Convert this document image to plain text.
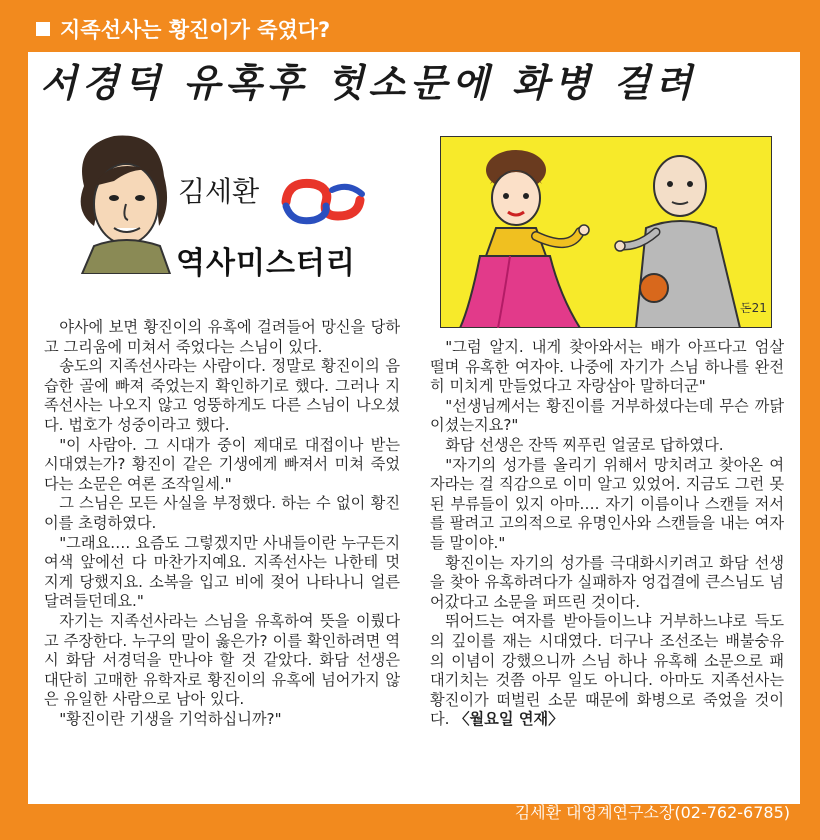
지족선사는 황진이가 죽였다?
서경덕 유혹후 헛소문에 화병 걸려
김세환
역사미스터리
돈21

야사에 보면 황진이의 유혹에 걸려들어 망신을 당하고 그리움에 미쳐서 죽었다는 스님이 있다.

송도의 지족선사라는 사람이다. 정말로 황진이의 음습한 골에 빠져 죽었는지 확인하기로 했다. 그러나 지족선사는 나오지 않고 엉뚱하게도 다른 스님이 나오셨다. 법호가 성중이라고 했다.

"이 사람아. 그 시대가 중이 제대로 대접이나 받는 시대였는가? 황진이 같은 기생에게 빠져서 미쳐 죽었다는 소문은 여론 조작일세."

그 스님은 모든 사실을 부정했다. 하는 수 없이 황진이를 초령하였다.

"그래요…. 요즘도 그렇겠지만 사내들이란 누구든지 여색 앞에선 다 마찬가지예요. 지족선사는 나한테 멋지게 당했지요. 소복을 입고 비에 젖어 나타나니 얼른 달려들던데요."

자기는 지족선사라는 스님을 유혹하여 뜻을 이뤘다고 주장한다. 누구의 말이 옳은가? 이를 확인하려면 역시 화담 서경덕을 만나야 할 것 같았다. 화담 선생은 대단히 고매한 유학자로 황진이의 유혹에 넘어가지 않은 유일한 사람으로 남아 있다.

"황진이란 기생을 기억하십니까?"

"그럼 알지. 내게 찾아와서는 배가 아프다고 엄살 떨며 유혹한 여자야. 나중에 자기가 스님 하나를 완전히 미치게 만들었다고 자랑삼아 말하더군"

"선생님께서는 황진이를 거부하셨다는데 무슨 까닭이셨는지요?"

화담 선생은 잔뜩 찌푸린 얼굴로 답하였다.

"자기의 성가를 올리기 위해서 망치려고 찾아온 여자라는 걸 직감으로 이미 알고 있었어. 지금도 그런 못된 부류들이 있지 아마…. 자기 이름이나 스캔들 저서를 팔려고 고의적으로 유명인사와 스캔들을 내는 여자들 말이야."

황진이는 자기의 성가를 극대화시키려고 화담 선생을 찾아 유혹하려다가 실패하자 엉겁결에 큰스님도 넘어갔다고 소문을 퍼뜨린 것이다.

뛰어드는 여자를 받아들이느냐 거부하느냐로 득도의 깊이를 재는 시대였다. 더구나 조선조는 배불숭유의 이념이 강했으니까 스님 하나 유혹해 소문으로 패대기치는 것쯤 아무 일도 아니다. 아마도 지족선사는 황진이가 떠벌린 소문 때문에 화병으로 죽었을 것이다. 〈월요일 연재〉

김세환 대영계연구소장(02-762-6785)
